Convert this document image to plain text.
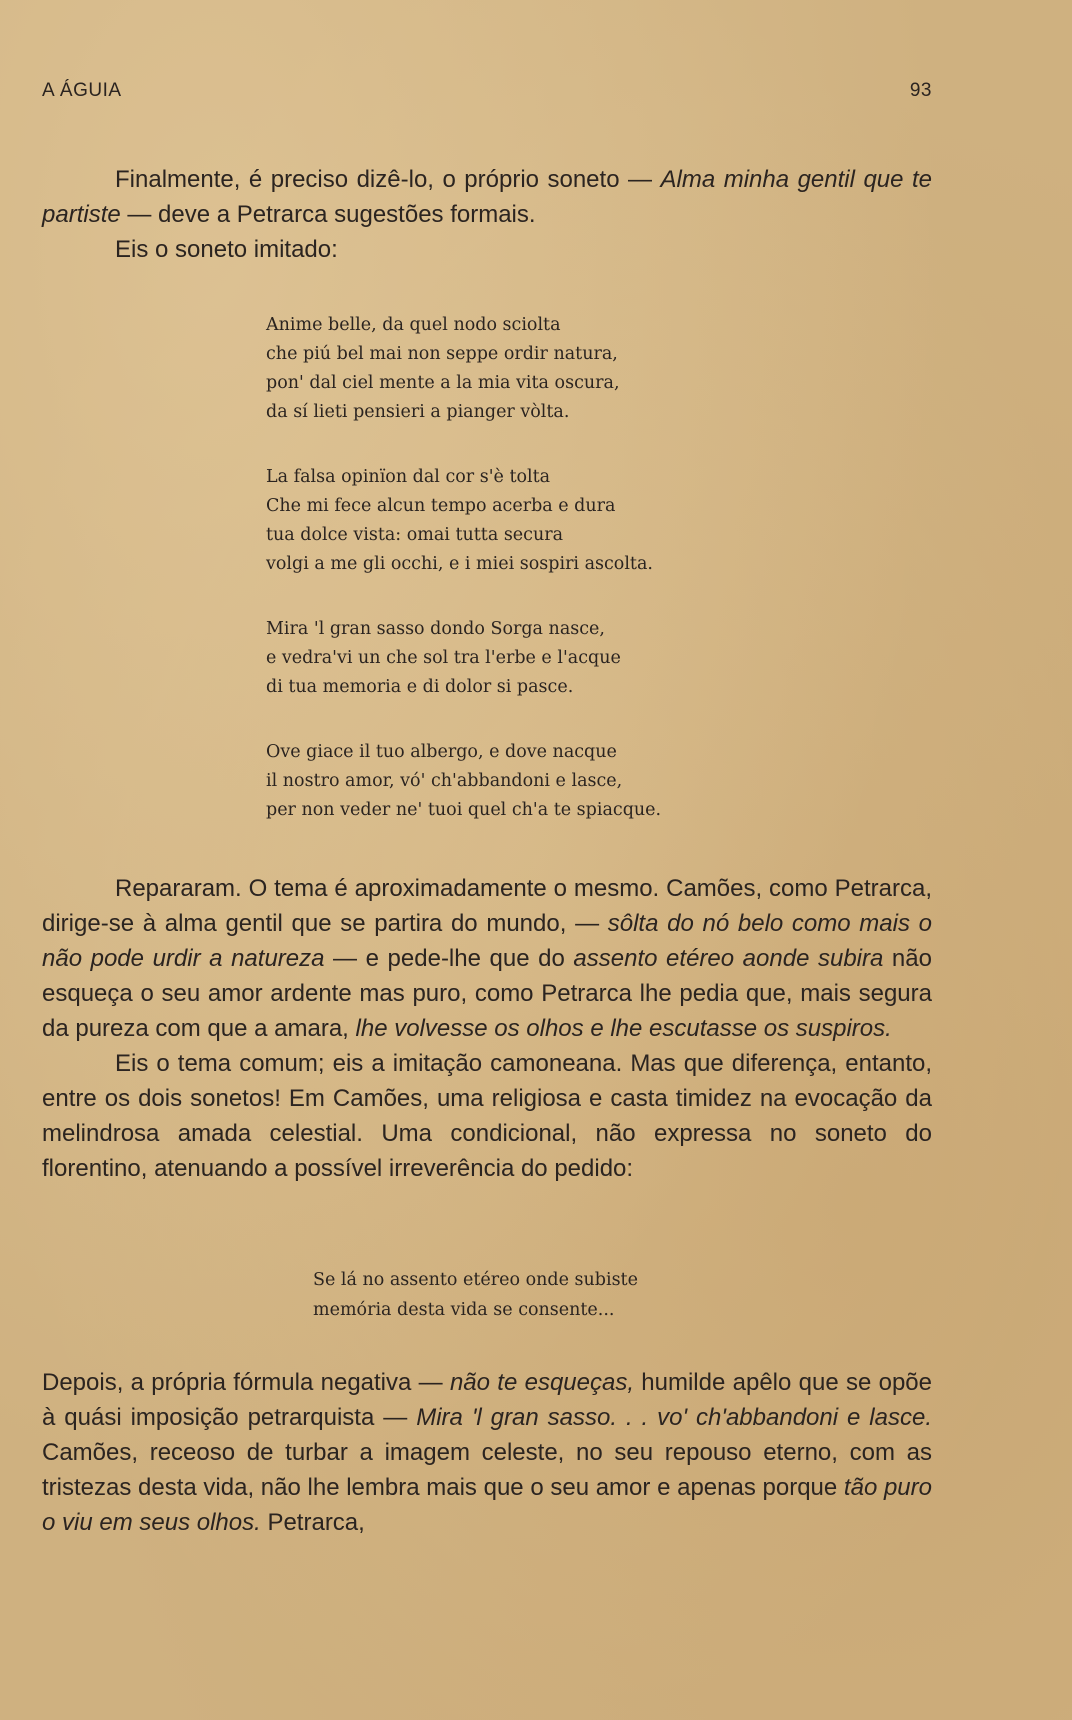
A ÁGUIA	93

Finalmente, é preciso dizê-lo, o próprio soneto — Alma minha gentil que te partiste — deve a Petrarca sugestões formais.

Eis o soneto imitado:

Anime belle, da quel nodo sciolta
che piú bel mai non seppe ordir natura,
pon' dal ciel mente a la mia vita oscura,
da sí lieti pensieri a pianger vòlta.
La falsa opinïon dal cor s'è tolta
Che mi fece alcun tempo acerba e dura
tua dolce vista: omai tutta secura
volgi a me gli occhi, e i miei sospiri ascolta.
Mira 'l gran sasso dondo Sorga nasce,
e vedra'vi un che sol tra l'erbe e l'acque
di tua memoria e di dolor si pasce.
Ove giace il tuo albergo, e dove nacque
il nostro amor, vó' ch'abbandoni e lasce,
per non veder ne' tuoi quel ch'a te spiacque.

Repararam. O tema é aproximadamente o mesmo. Camões, como Petrarca, dirige-se à alma gentil que se partira do mundo, — sôlta do nó belo como mais o não pode urdir a natureza — e pede-lhe que do assento etéreo aonde subira não esqueça o seu amor ardente mas puro, como Petrarca lhe pedia que, mais segura da pureza com que a amara, lhe volvesse os olhos e lhe escutasse os suspiros.

Eis o tema comum; eis a imitação camoneana. Mas que diferença, entanto, entre os dois sonetos! Em Camões, uma religiosa e casta timidez na evocação da melindrosa amada celestial. Uma condicional, não expressa no soneto do florentino, atenuando a possível irreverência do pedido:

Se lá no assento etéreo onde subiste
memória desta vida se consente...

Depois, a própria fórmula negativa — não te esqueças, humilde apêlo que se opõe à quási imposição petrarquista — Mira 'l gran sasso. . . vo' ch'abbandoni e lasce. Camões, receoso de turbar a imagem celeste, no seu repouso eterno, com as tristezas desta vida, não lhe lembra mais que o seu amor e apenas porque tão puro o viu em seus olhos. Petrarca,
